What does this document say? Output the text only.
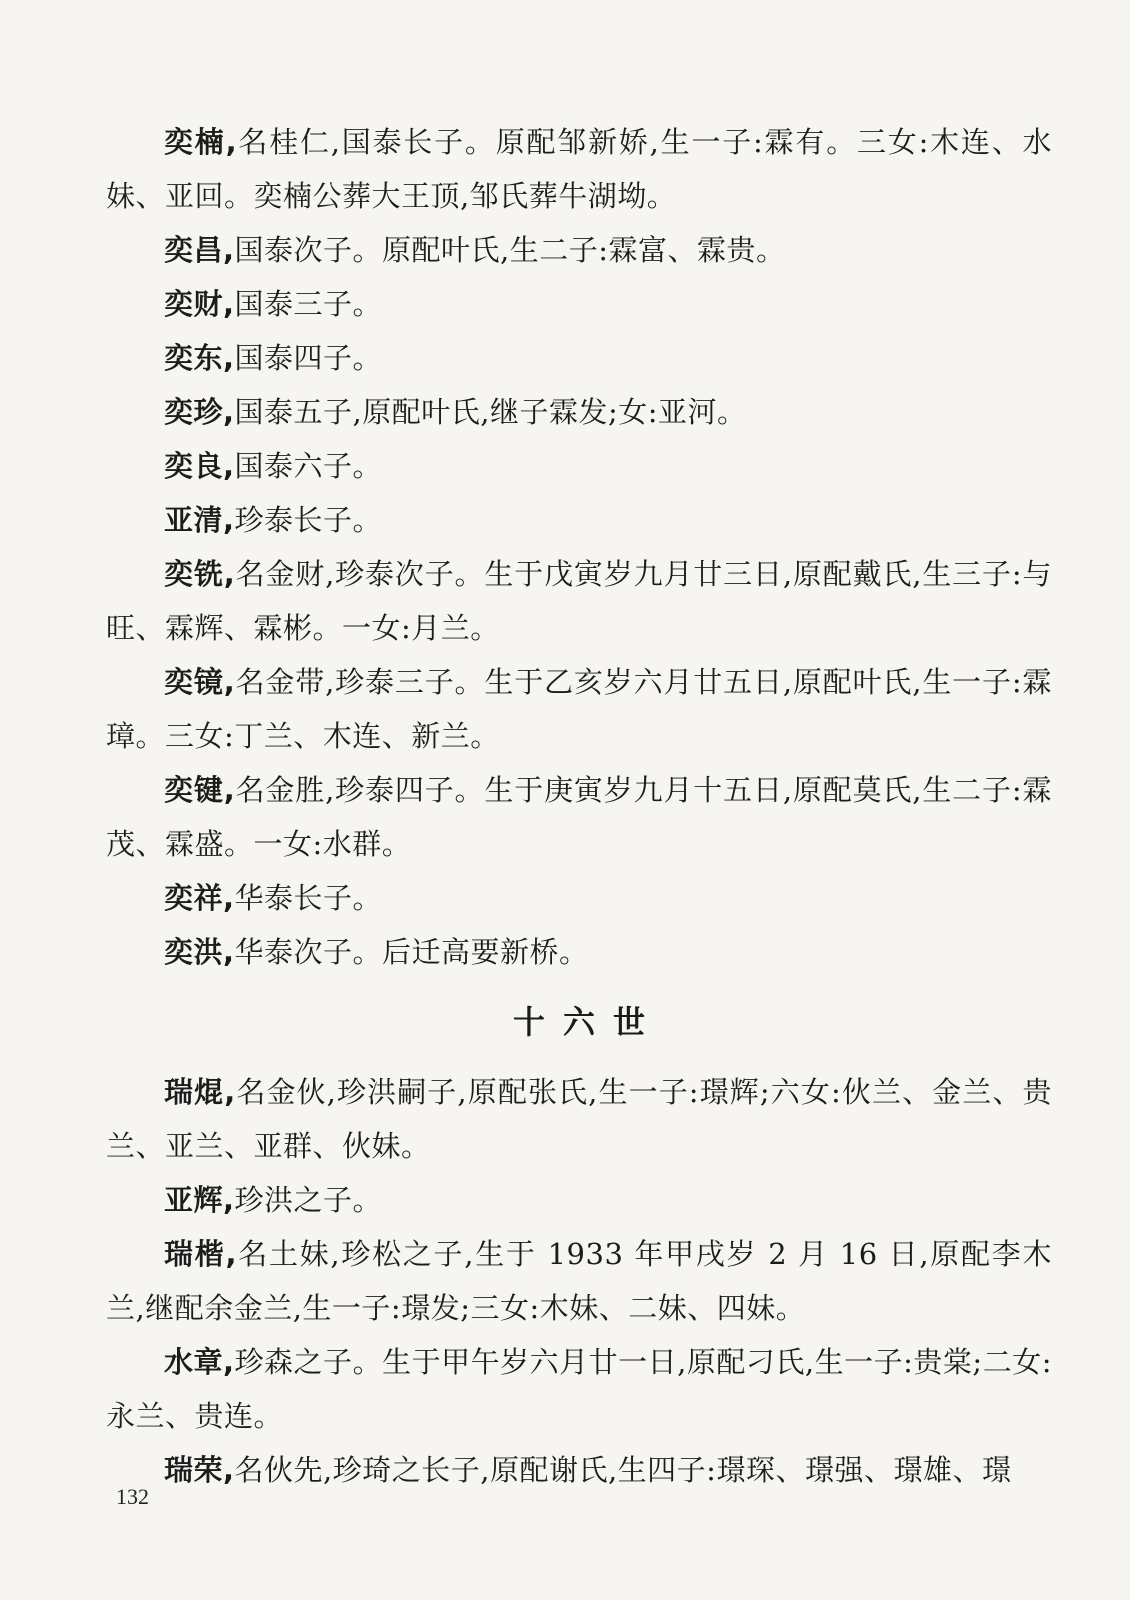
奕楠,名桂仁,国泰长子。原配邹新娇,生一子:霖有。三女:木连、水妹、亚回。奕楠公葬大王顶,邹氏葬牛湖坳。

奕昌,国泰次子。原配叶氏,生二子:霖富、霖贵。

奕财,国泰三子。

奕东,国泰四子。

奕珍,国泰五子,原配叶氏,继子霖发;女:亚河。

奕良,国泰六子。

亚清,珍泰长子。

奕铣,名金财,珍泰次子。生于戊寅岁九月廿三日,原配戴氏,生三子:与旺、霖辉、霖彬。一女:月兰。

奕镜,名金带,珍泰三子。生于乙亥岁六月廿五日,原配叶氏,生一子:霖璋。三女:丁兰、木连、新兰。

奕键,名金胜,珍泰四子。生于庚寅岁九月十五日,原配莫氏,生二子:霖茂、霖盛。一女:水群。

奕祥,华泰长子。

奕洪,华泰次子。后迁高要新桥。

十六世

瑞焜,名金伙,珍洪嗣子,原配张氏,生一子:璟辉;六女:伙兰、金兰、贵兰、亚兰、亚群、伙妹。

亚辉,珍洪之子。

瑞楷,名土妹,珍松之子,生于 1933 年甲戌岁 2 月 16 日,原配李木兰,继配余金兰,生一子:璟发;三女:木妹、二妹、四妹。

水章,珍森之子。生于甲午岁六月廿一日,原配刁氏,生一子:贵棠;二女:永兰、贵连。

瑞荣,名伙先,珍琦之长子,原配谢氏,生四子:璟琛、璟强、璟雄、璟

132
